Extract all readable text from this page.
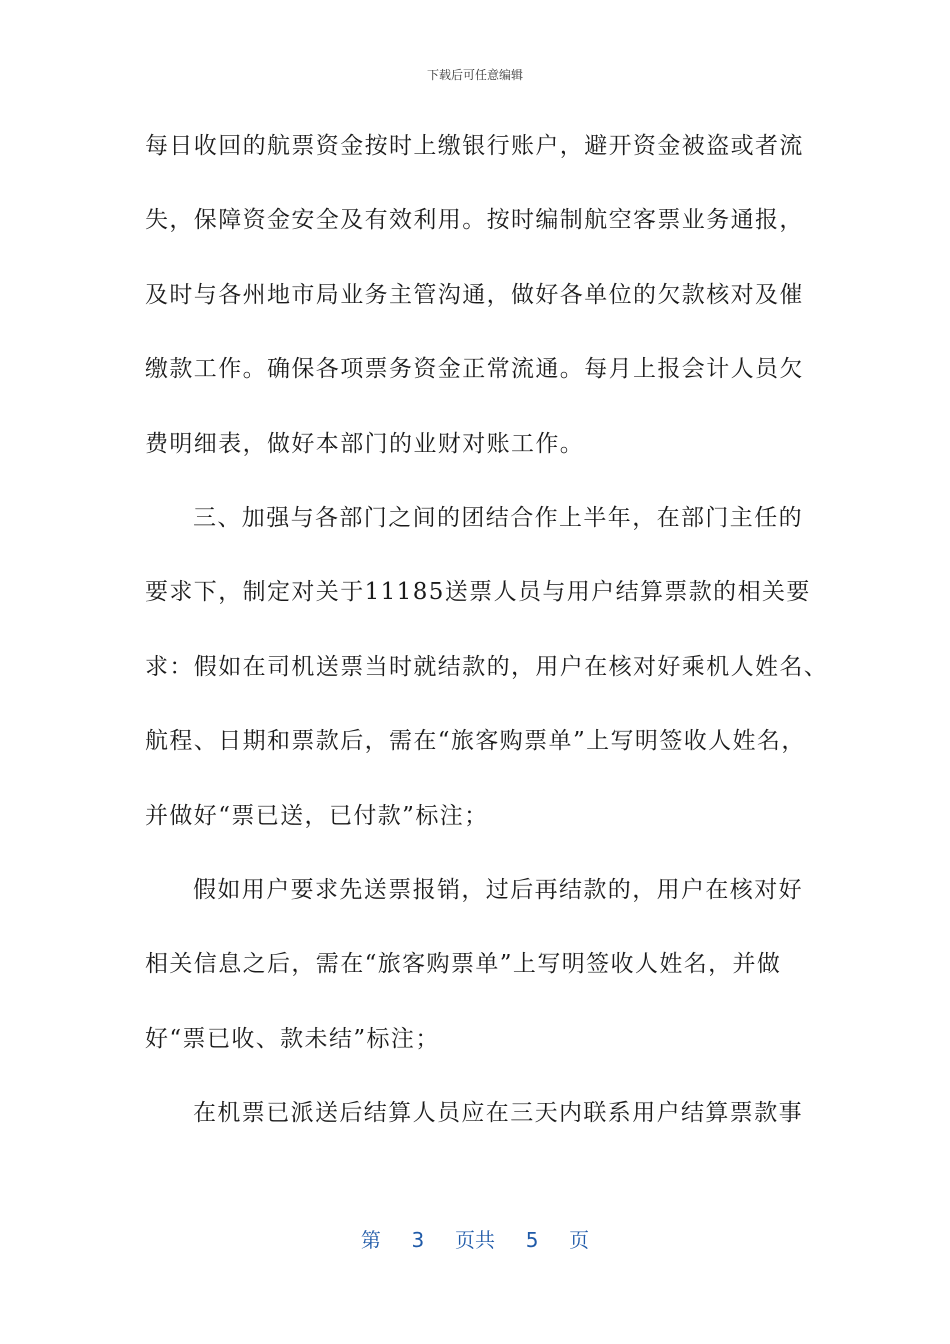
下载后可任意编辑
每日收回的航票资金按时上缴银行账户，避开资金被盗或者流
失，保障资金安全及有效利用。按时编制航空客票业务通报，
及时与各州地市局业务主管沟通，做好各单位的欠款核对及催
缴款工作。确保各项票务资金正常流通。每月上报会计人员欠
费明细表，做好本部门的业财对账工作。
三、加强与各部门之间的团结合作上半年，在部门主任的
要求下，制定对关于11185送票人员与用户结算票款的相关要
求：假如在司机送票当时就结款的，用户在核对好乘机人姓名、
航程、日期和票款后，需在“旅客购票单”上写明签收人姓名，
并做好“票已送，已付款”标注；
假如用户要求先送票报销，过后再结款的，用户在核对好
相关信息之后，需在“旅客购票单”上写明签收人姓名，并做
好“票已收、款未结”标注；
在机票已派送后结算人员应在三天内联系用户结算票款事
第 3 页共 5 页
